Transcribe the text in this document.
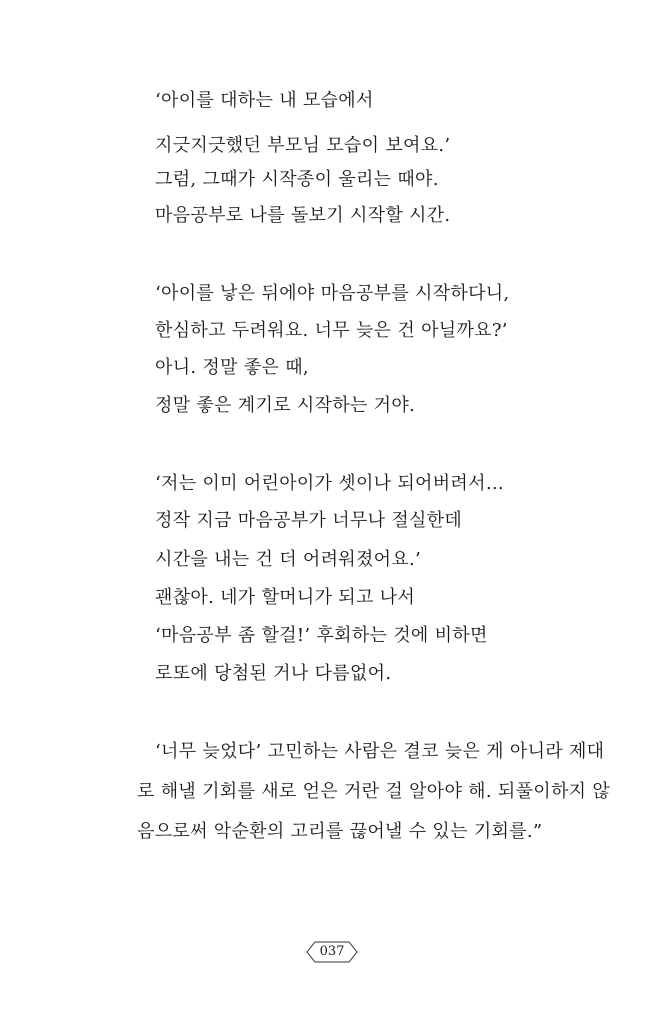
‘아이를 대하는 내 모습에서
지긋지긋했던 부모님 모습이 보여요.’
그럼, 그때가 시작종이 울리는 때야.
마음공부로 나를 돌보기 시작할 시간.
‘아이를 낳은 뒤에야 마음공부를 시작하다니,
한심하고 두려워요. 너무 늦은 건 아닐까요?’
아니. 정말 좋은 때,
정말 좋은 계기로 시작하는 거야.
‘저는 이미 어린아이가 셋이나 되어버려서…
정작 지금 마음공부가 너무나 절실한데
시간을 내는 건 더 어려워졌어요.’
괜찮아. 네가 할머니가 되고 나서
‘마음공부 좀 할걸!’ 후회하는 것에 비하면
로또에 당첨된 거나 다름없어.
‘너무 늦었다’ 고민하는 사람은 결코 늦은 게 아니라 제대
로 해낼 기회를 새로 얻은 거란 걸 알아야 해. 되풀이하지 않
음으로써 악순환의 고리를 끊어낼 수 있는 기회를.”
037
